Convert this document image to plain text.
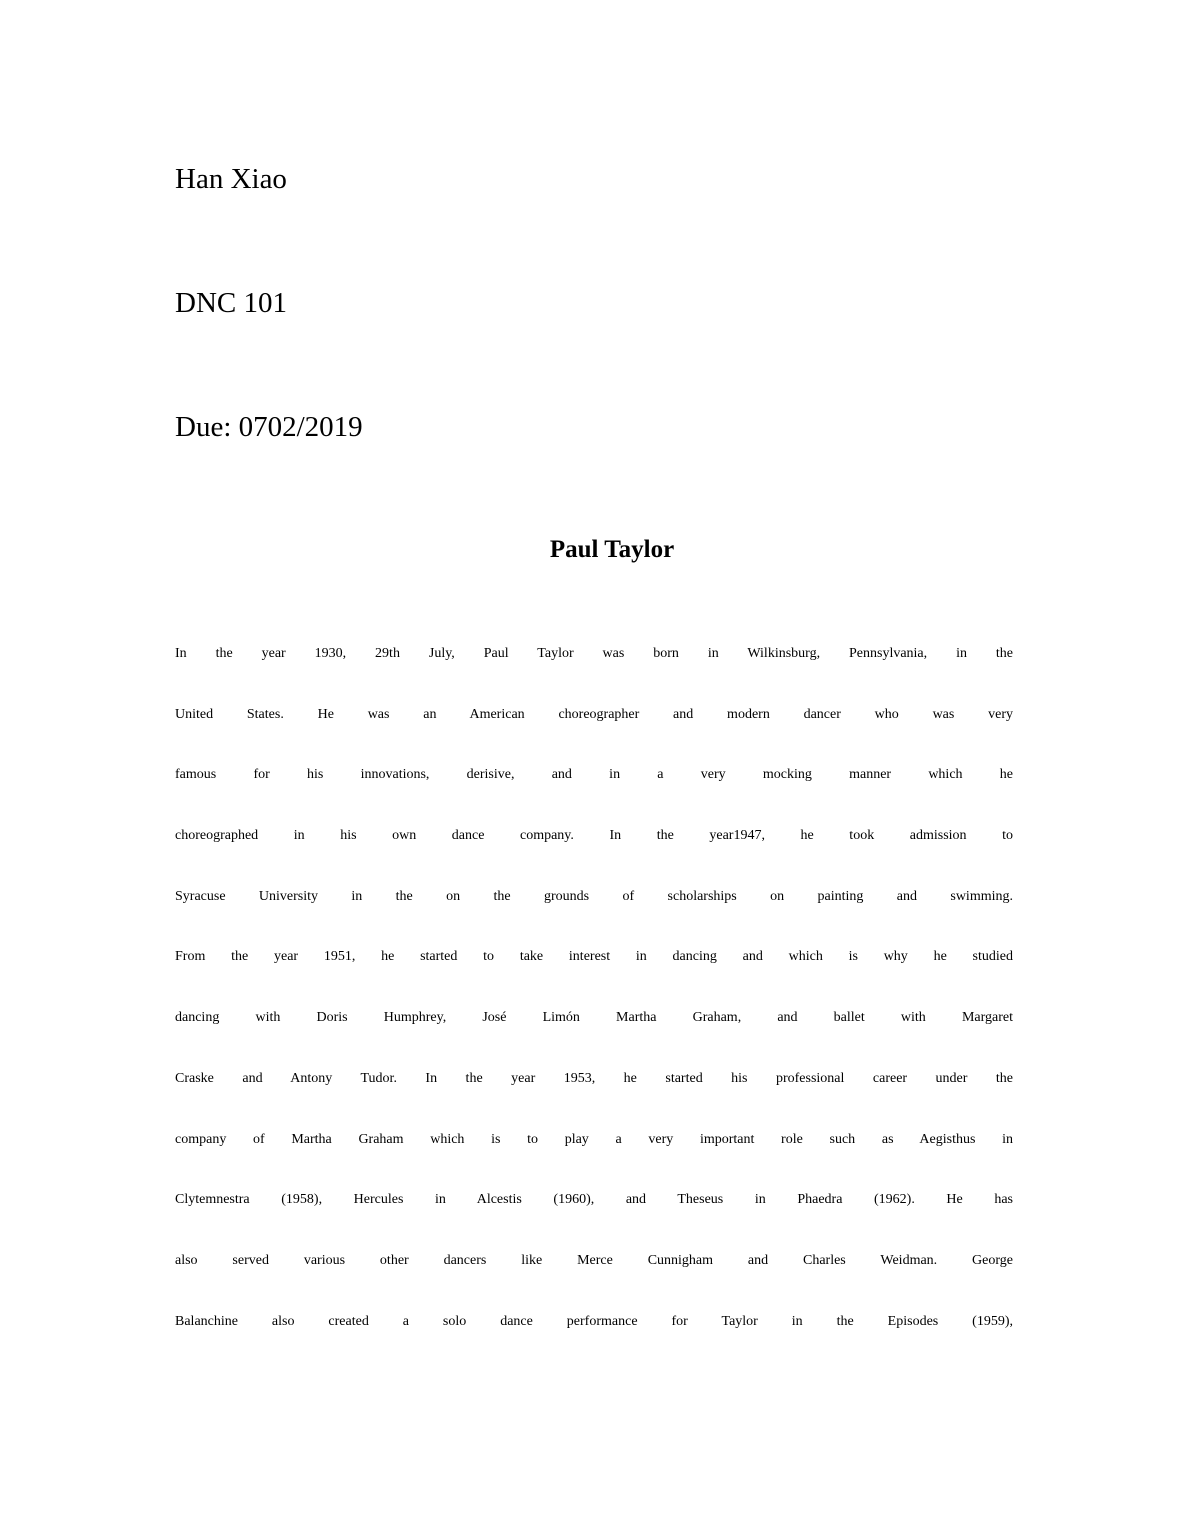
Han Xiao
DNC 101
Due: 0702/2019
Paul Taylor
In the year 1930, 29th July, Paul Taylor was born in Wilkinsburg, Pennsylvania, in the
United States. He was an American choreographer and modern dancer who was very
famous for his innovations, derisive, and in a very mocking manner which he
choreographed in his own dance company. In the year1947, he took admission to
Syracuse University in the on the grounds of scholarships on painting and swimming.
From the year 1951, he started to take interest in dancing and which is why he studied
dancing with Doris Humphrey, José Limón Martha Graham, and ballet with Margaret
Craske and Antony Tudor. In the year 1953, he started his professional career under the
company of Martha Graham which is to play a very important role such as Aegisthus in
Clytemnestra (1958), Hercules in Alcestis (1960), and Theseus in Phaedra (1962). He has
also served various other dancers like Merce Cunnigham and Charles Weidman. George
Balanchine also created a solo dance performance for Taylor in the Episodes (1959),
